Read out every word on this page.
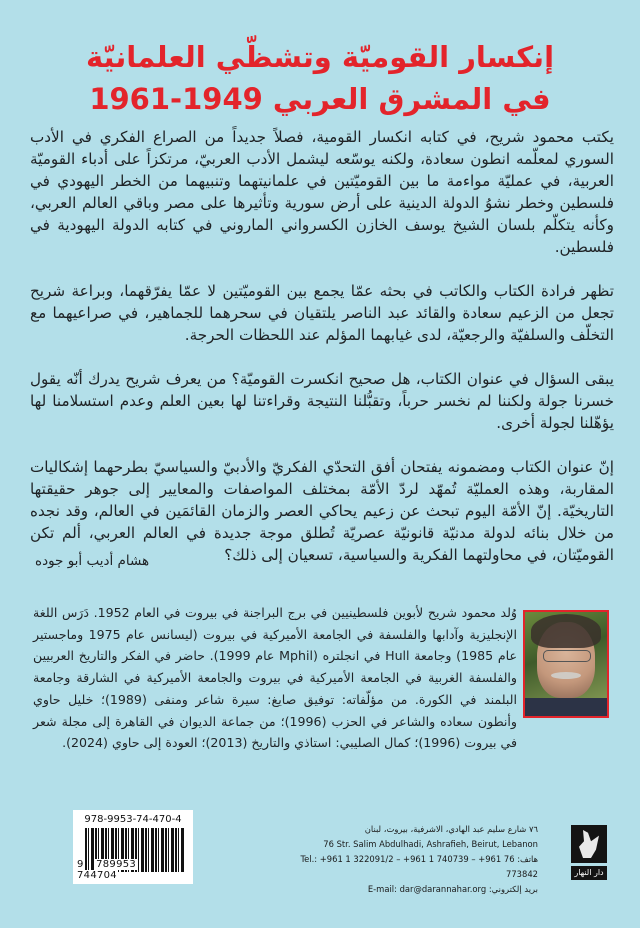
إنكسار القوميّة وتشظّي العلمانيّة
في المشرق العربي 1949-1961

يكتب محمود شريح، في كتابه انكسار القومية، فصلاً جديداً من الصراع الفكري في الأدب السوري لمعلّمه انطون سعادة، ولكنه يوسّعه ليشمل الأدب العربيّ، مرتكزاً على أدباء القوميّة العربية، في عمليّة مواءمة ما بين القوميّتين في علمانيتهما وتنبيهما من الخطر اليهودي في فلسطين وخطر نشوُ الدولة الدينية على أرض سورية وتأثيرها على مصر وباقي العالم العربي، وكأنه يتكلّم بلسان الشيخ يوسف الخازن الكسرواني الماروني في كتابه الدولة اليهودية في فلسطين.

تظهر فرادة الكتاب والكاتب في بحثه عمّا يجمع بين القوميّتين لا عمّا يفرّقهما، وبراعة شريح تجعل من الزعيم سعادة والقائد عبد الناصر يلتقيان في سحرهما للجماهير، في صراعيهما مع التخلّف والسلفيّة والرجعيّة، لدى غيابهما المؤلم عند اللحظات الحرجة.

يبقى السؤال في عنوان الكتاب، هل صحيح انكسرت القوميّة؟ من يعرف شريح يدرك أنّه يقول خسرنا جولة ولكننا لم نخسر حرباً، وتقبُّلنا النتيجة وقراءتنا لها بعين العلم وعدم استسلامنا لها يؤهّلنا لجولة أخرى.

إنّ عنوان الكتاب ومضمونه يفتحان أفق التحدّي الفكريّ والأدبيّ والسياسيّ بطرحهما إشكاليات المقاربة، وهذه العمليّة تُمهّد لردّ الأمّة بمختلف المواصفات والمعايير إلى جوهر حقيقتها التاريخيّة. إنّ الأمّة اليوم تبحث عن زعيم يحاكي العصر والزمان القائمَين في العالم، وقد نجده من خلال بنائه لدولة مدنيّة قانونيّة عصريّة تُطلق موجة جديدة في العالم العربي، ألم تكن القوميّتان، في محاولتهما الفكرية والسياسية، تسعيان إلى ذلك؟

هشام أديب أبو جوده
وُلد محمود شريح لأبوين فلسطينيين في برج البراجنة في بيروت في العام 1952. دَرَس اللغة الإنجليزية وآدابها والفلسفة في الجامعة الأميركية في بيروت (ليسانس عام 1975 وماجستير عام 1985) وجامعة Hull في انجلتره (Mphil عام 1999). حاضر في الفكر والتاريخ العربيين والفلسفة الغربية في الجامعة الأميركية في بيروت والجامعة الأميركية في الشارقة وجامعة البلمند في الكورة. من مؤلّفاته: توفيق صايغ: سيرة شاعر ومنفى (1989)؛ خليل حاوي وأنطون سعاده والشاعر في الحزب (1996)؛ من جماعة الديوان في القاهرة إلى مجلة شعر في بيروت (1996)؛ كمال الصليبي: استاذي والتاريخ (2013)؛ العودة إلى حاوي (2024).
978-9953-74-470-4
9 789953    744704
٧٦ شارع سليم عبد الهادي، الاشرفية، بيروت، لبنان
76 Str. Salim Abdulhadi, Ashrafieh, Beirut, Lebanon
هاتف: Tel.: +961 1 322091/2 – +961 1 740739 – +961 76 773842
بريد إلكتروني: E-mail: dar@darannahar.org
دار النهار
